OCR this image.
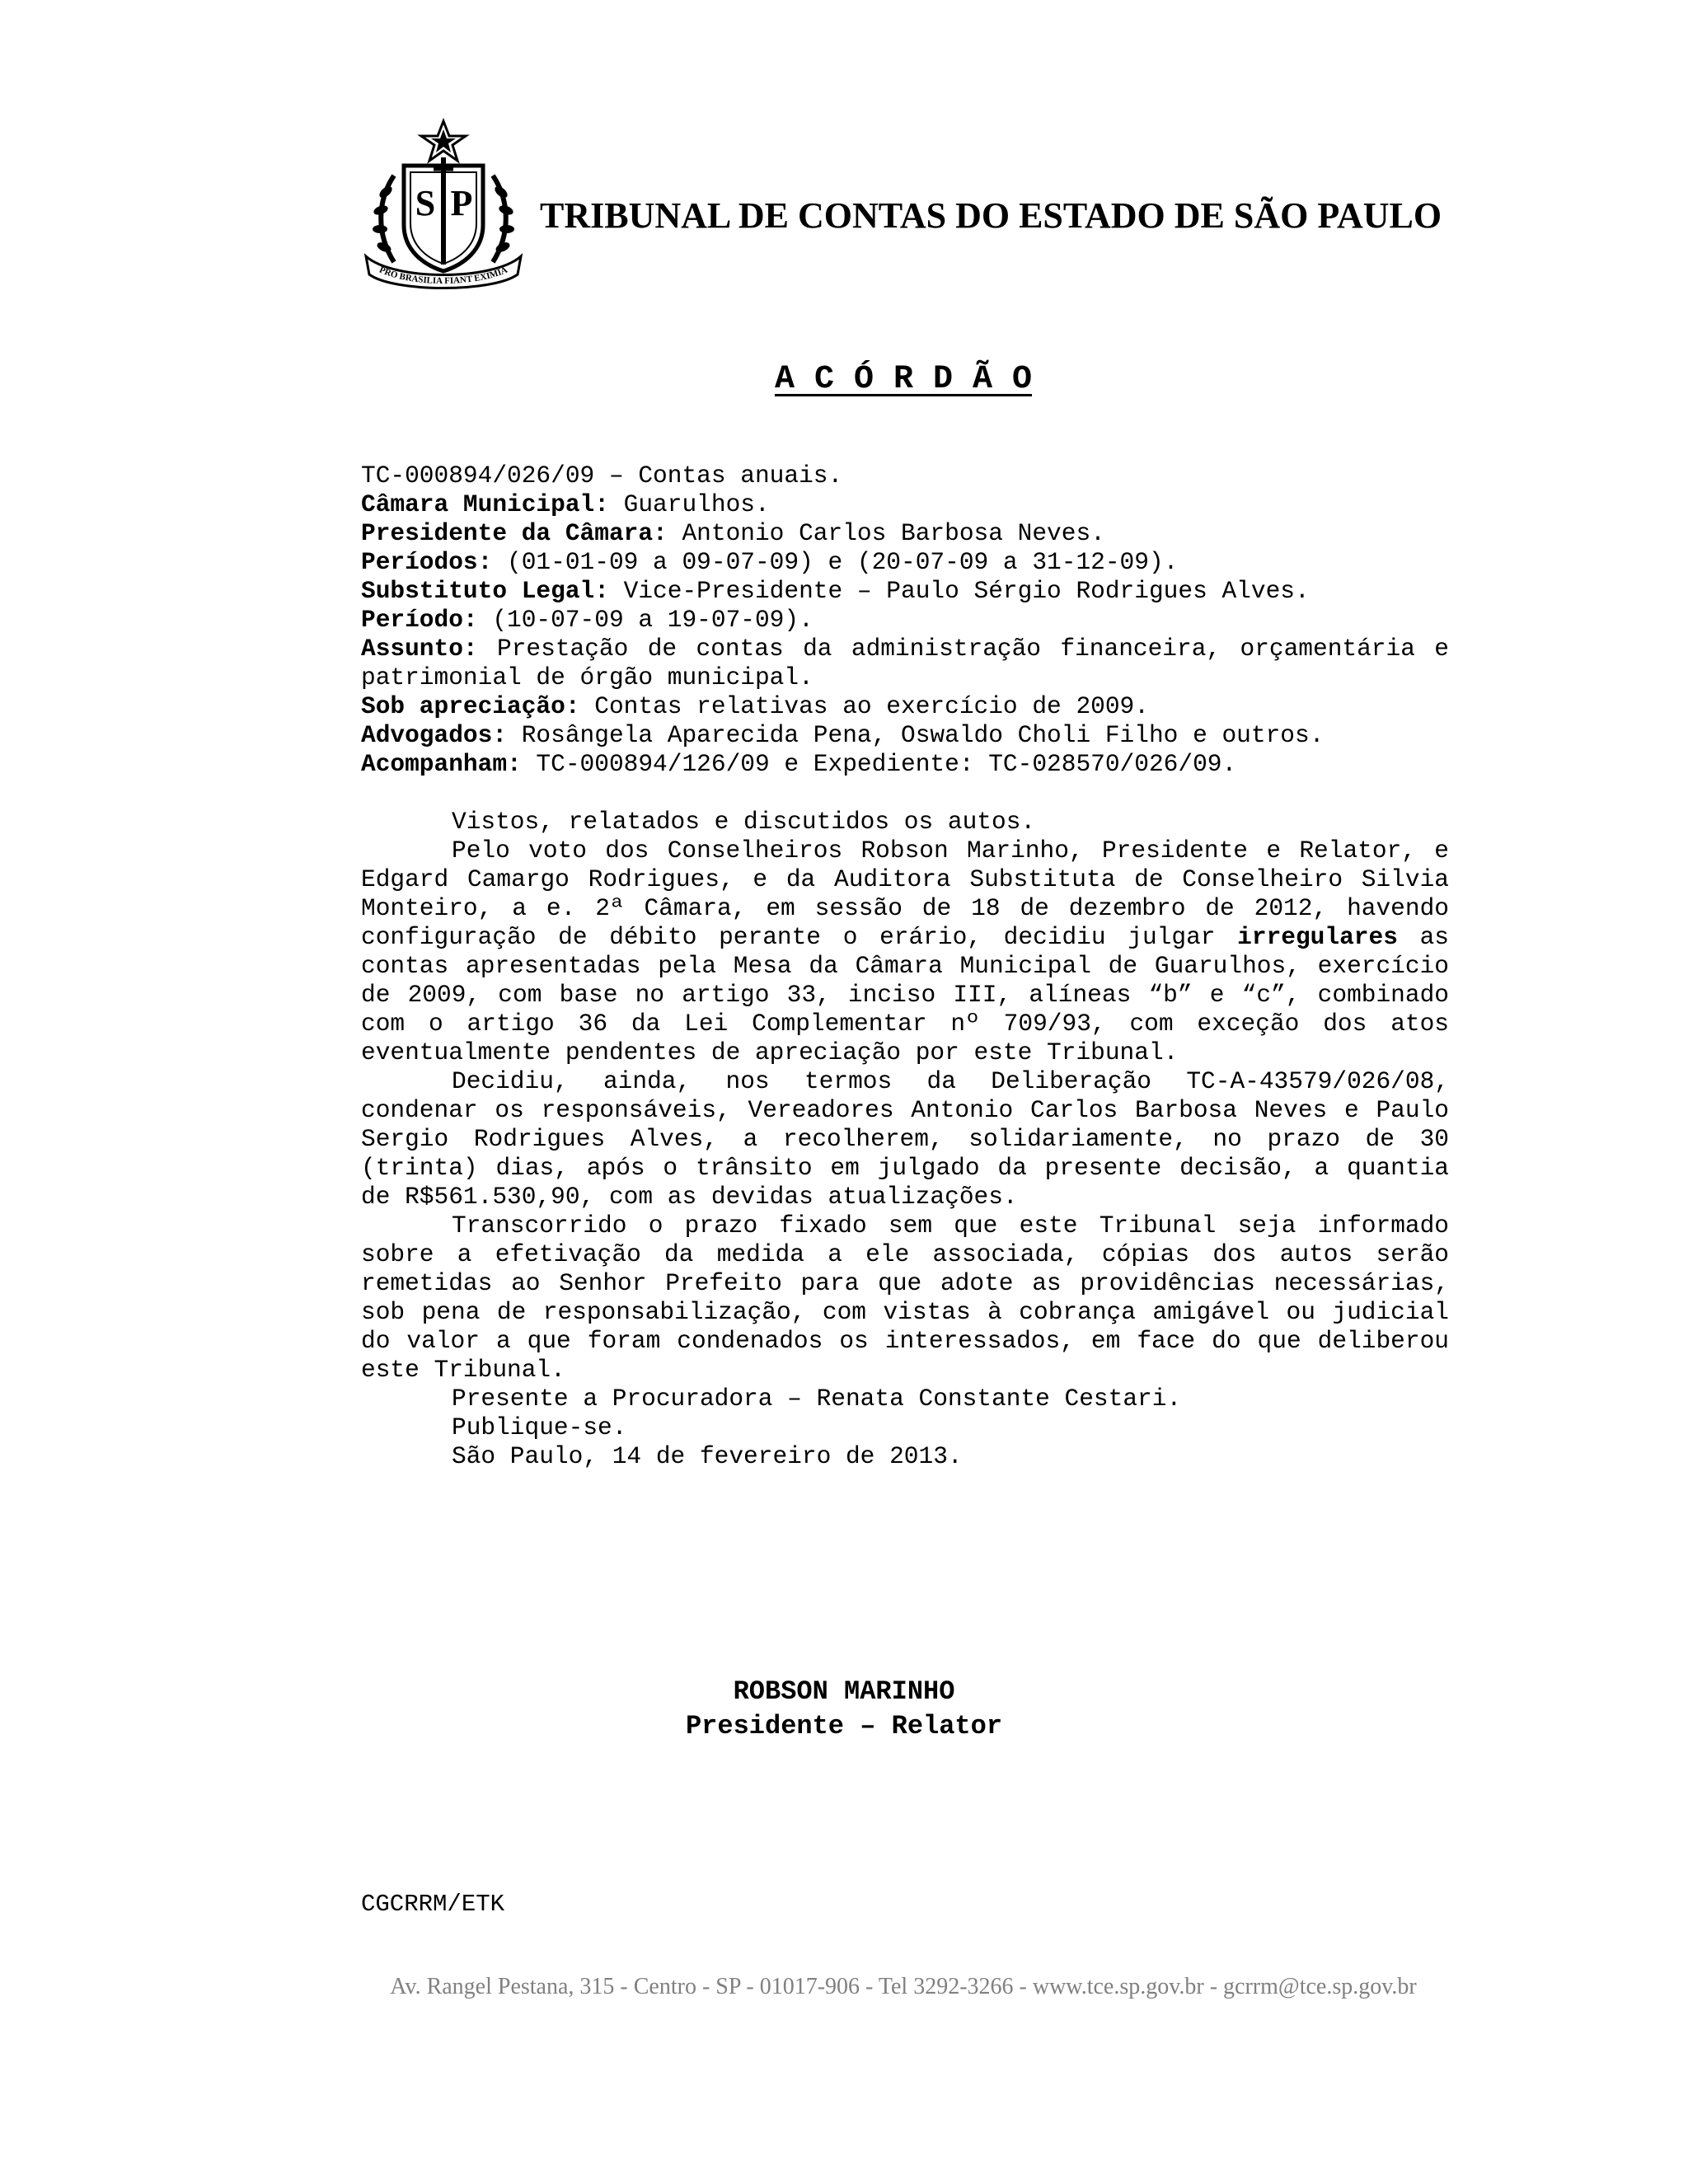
S P
PRO BRASILIA FIANT EXIMIA
TRIBUNAL DE CONTAS DO ESTADO DE SÃO PAULO
A C Ó R D Ã O
TC-000894/026/09 – Contas anuais.
Câmara Municipal: Guarulhos.
Presidente da Câmara: Antonio Carlos Barbosa Neves.
Períodos: (01-01-09 a 09-07-09) e (20-07-09 a 31-12-09).
Substituto Legal: Vice-Presidente – Paulo Sérgio Rodrigues Alves.
Período: (10-07-09 a 19-07-09).
Assunto: Prestação de contas da administração financeira, orçamentária e patrimonial de órgão municipal.
Sob apreciação: Contas relativas ao exercício de 2009.
Advogados: Rosângela Aparecida Pena, Oswaldo Choli Filho e outros.
Acompanham: TC-000894/126/09 e Expediente: TC-028570/026/09.

Vistos, relatados e discutidos os autos.

Pelo voto dos Conselheiros Robson Marinho, Presidente e Relator, e Edgard Camargo Rodrigues, e da Auditora Substituta de Conselheiro Silvia Monteiro, a e. 2ª Câmara, em sessão de 18 de dezembro de 2012, havendo configuração de débito perante o erário, decidiu julgar irregulares as contas apresentadas pela Mesa da Câmara Municipal de Guarulhos, exercício de 2009, com base no artigo 33, inciso III, alíneas “b” e “c”, combinado com o artigo 36 da Lei Complementar nº 709/93, com exceção dos atos eventualmente pendentes de apreciação por este Tribunal.

Decidiu, ainda, nos termos da Deliberação TC-A-43579/026/08, condenar os responsáveis, Vereadores Antonio Carlos Barbosa Neves e Paulo Sergio Rodrigues Alves, a recolherem, solidariamente, no prazo de 30 (trinta) dias, após o trânsito em julgado da presente decisão, a quantia de R$561.530,90, com as devidas atualizações.

Transcorrido o prazo fixado sem que este Tribunal seja informado sobre a efetivação da medida a ele associada, cópias dos autos serão remetidas ao Senhor Prefeito para que adote as providências necessárias, sob pena de responsabilização, com vistas à cobrança amigável ou judicial do valor a que foram condenados os interessados, em face do que deliberou este Tribunal.

Presente a Procuradora – Renata Constante Cestari.

Publique-se.

São Paulo, 14 de fevereiro de 2013.

ROBSON MARINHO
Presidente – Relator
CGCRRM/ETK
Av. Rangel Pestana, 315 - Centro - SP - 01017-906 - Tel 3292-3266 - www.tce.sp.gov.br - gcrrm@tce.sp.gov.br
